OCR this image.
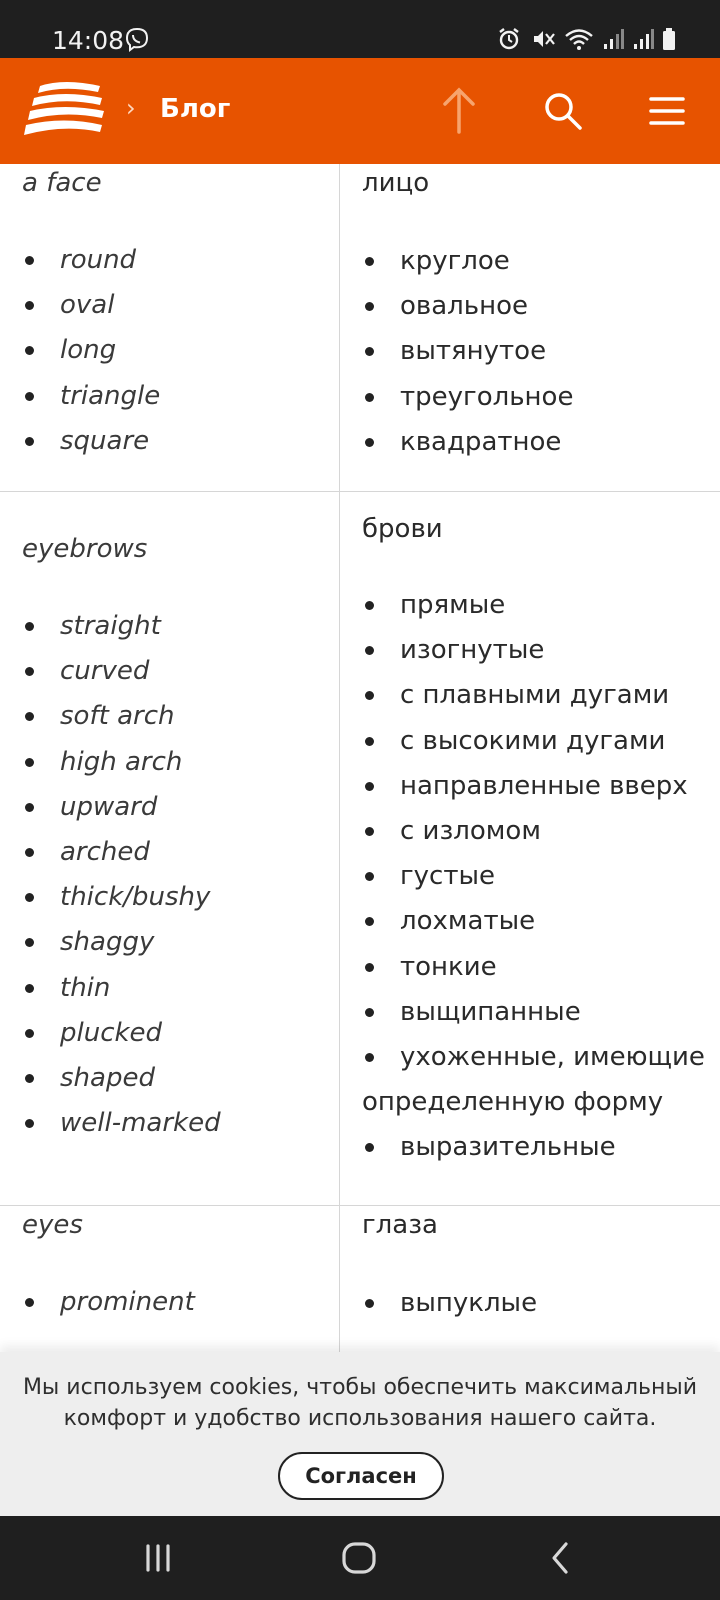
14:08
› Блог
a face
round
oval
long
triangle
square
лицо
круглое
овальное
вытянутое
треугольное
квадратное
eyebrows
straight
curved
soft arch
high arch
upward
arched
thick/bushy
shaggy
thin
plucked
shaped
well-marked
брови
прямые
изогнутые
с плавными дугами
с высокими дугами
направленные вверх
с изломом
густые
лохматые
тонкие
выщипанные
ухоженные, имеющие определенную форму
выразительные
eyes
prominent
глаза
выпуклые
Мы используем cookies, чтобы обеспечить максимальный комфорт и удобство использования нашего сайта.
Согласен
